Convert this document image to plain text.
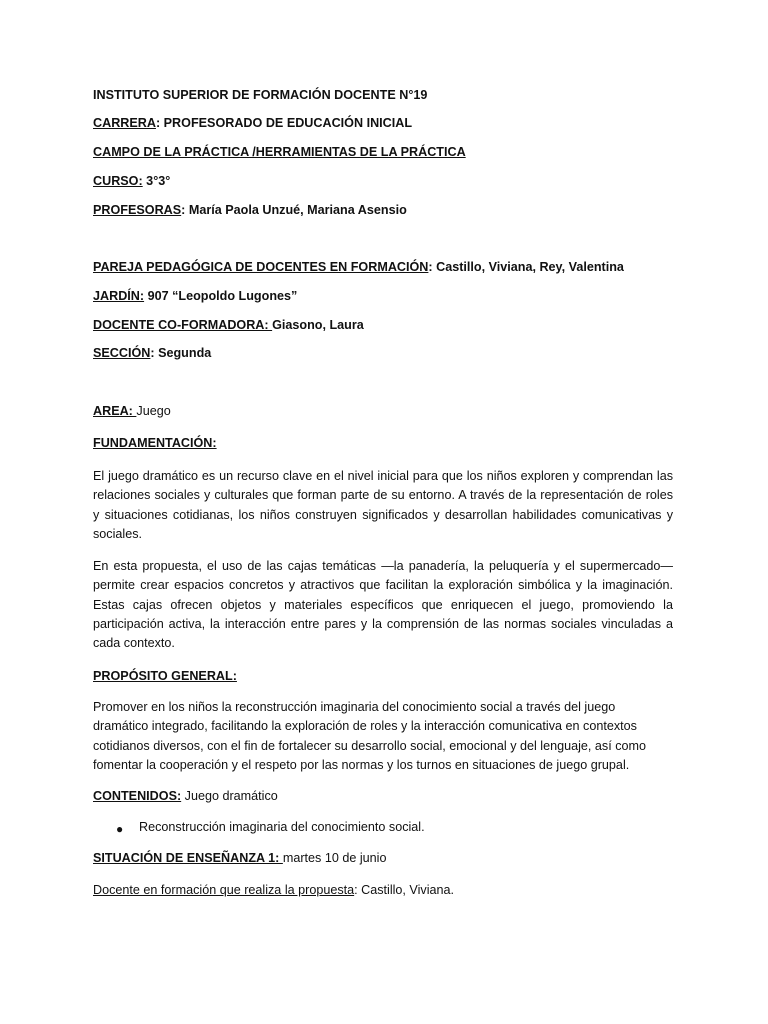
INSTITUTO SUPERIOR DE FORMACIÓN DOCENTE N°19
CARRERA: PROFESORADO DE EDUCACIÓN INICIAL
CAMPO DE LA PRÁCTICA /HERRAMIENTAS DE LA PRÁCTICA
CURSO: 3°3°
PROFESORAS: María Paola Unzué, Mariana Asensio
PAREJA PEDAGÓGICA DE DOCENTES EN FORMACIÓN: Castillo, Viviana, Rey, Valentina
JARDÍN: 907 “Leopoldo Lugones”
DOCENTE CO-FORMADORA: Giasono, Laura
SECCIÓN: Segunda
AREA: Juego
FUNDAMENTACIÓN:

El juego dramático es un recurso clave en el nivel inicial para que los niños exploren y comprendan las relaciones sociales y culturales que forman parte de su entorno. A través de la representación de roles y situaciones cotidianas, los niños construyen significados y desarrollan habilidades comunicativas y sociales.

En esta propuesta, el uso de las cajas temáticas —la panadería, la peluquería y el supermercado— permite crear espacios concretos y atractivos que facilitan la exploración simbólica y la imaginación. Estas cajas ofrecen objetos y materiales específicos que enriquecen el juego, promoviendo la participación activa, la interacción entre pares y la comprensión de las normas sociales vinculadas a cada contexto.

PROPÓSITO GENERAL:

Promover en los niños la reconstrucción imaginaria del conocimiento social a través del juego dramático integrado, facilitando la exploración de roles y la interacción comunicativa en contextos cotidianos diversos, con el fin de fortalecer su desarrollo social, emocional y del lenguaje, así como fomentar la cooperación y el respeto por las normas y los turnos en situaciones de juego grupal.

CONTENIDOS: Juego dramático
● Reconstrucción imaginaria del conocimiento social.
SITUACIÓN DE ENSEÑANZA 1: martes 10 de junio
Docente en formación que realiza la propuesta: Castillo, Viviana.
